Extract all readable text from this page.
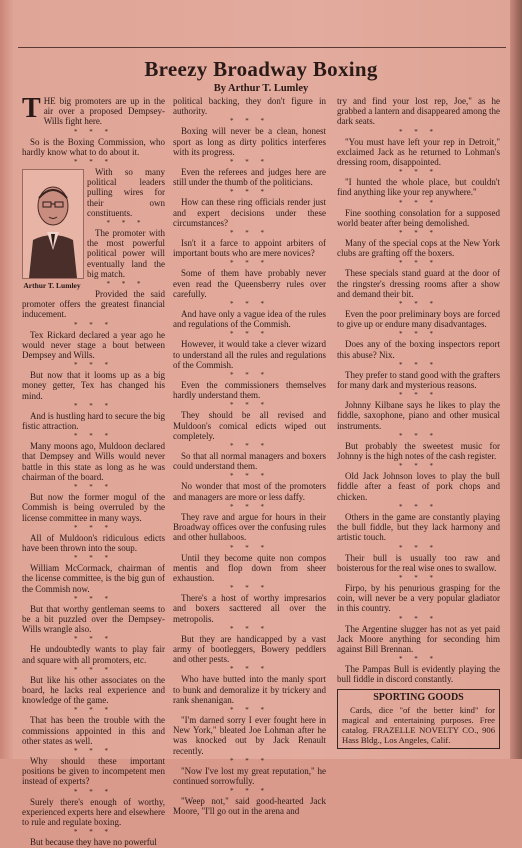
Breezy Broadway Boxing
By Arthur T. Lumley

THE big promoters are up in the air over a proposed Dempsey-Wills fight here.

* * *

So is the Boxing Commission, who hardly know what to do about it.

* * *
Arthur T. Lumley

With so many political leaders pulling wires for their own constituents.

* * *

The promoter with the most powerful political power will eventually land the big match.

* * *

Provided the said promoter offers the greatest financial inducement.

* * *

Tex Rickard declared a year ago he would never stage a bout between Dempsey and Wills.

* * *

But now that it looms up as a big money getter, Tex has changed his mind.

* * *

And is hustling hard to secure the big fistic attraction.

* * *

Many moons ago, Muldoon declared that Dempsey and Wills would never battle in this state as long as he was chairman of the board.

* * *

But now the former mogul of the Commish is being overruled by the license committee in many ways.

* * *

All of Muldoon's ridiculous edicts have been thrown into the soup.

* * *

William McCormack, chairman of the license committee, is the big gun of the Commish now.

* * *

But that worthy gentleman seems to be a bit puzzled over the Dempsey-Wills wrangle also.

* * *

He undoubtedly wants to play fair and square with all promoters, etc.

* * *

But like his other associates on the board, he lacks real experience and knowledge of the game.

* * *

That has been the trouble with the commissions appointed in this and other states as well.

* * *

Why should these important positions be given to incompetent men instead of experts?

* * *

Surely there's enough of worthy, experienced experts here and elsewhere to rule and regulate boxing.

* * *

But because they have no powerful

political backing, they don't figure in authority.

* * *

Boxing will never be a clean, honest sport as long as dirty politics interferes with its progress.

* * *

Even the referees and judges here are still under the thumb of the politicians.

* * *

How can these ring officials render just and expert decisions under these circumstances?

* * *

Isn't it a farce to appoint arbiters of important bouts who are mere novices?

* * *

Some of them have probably never even read the Queensberry rules over carefully.

* * *

And have only a vague idea of the rules and regulations of the Commish.

* * *

However, it would take a clever wizard to understand all the rules and regulations of the Commish.

* * *

Even the commissioners themselves hardly understand them.

* * *

They should be all revised and Muldoon's comical edicts wiped out completely.

* * *

So that all normal managers and boxers could understand them.

* * *

No wonder that most of the promoters and managers are more or less daffy.

* * *

They rave and argue for hours in their Broadway offices over the confusing rules and other hullaboos.

* * *

Until they become quite non compos mentis and flop down from sheer exhaustion.

* * *

There's a host of worthy impresarios and boxers sacttered all over the metropolis.

* * *

But they are handicapped by a vast army of bootleggers, Bowery peddlers and other pests.

* * *

Who have butted into the manly sport to bunk and demoralize it by trickery and rank shenanigan.

* * *

"I'm darned sorry I ever fought here in New York," bleated Joe Lohman after he was knocked out by Jack Renault recently.

* * *

"Now I've lost my great reputation," he continued sorrowfully.

* * *

"Weep not," said good-hearted Jack Moore, "I'll go out in the arena and

try and find your lost rep, Joe," as he grabbed a lantern and disappeared among the dark seats.

* * *

"You must have left your rep in Detroit," exclaimed Jack as he returned to Lohman's dressing room, disappointed.

* * *

"I hunted the whole place, but couldn't find anything like your rep anywhere."

* * *

Fine soothing consolation for a supposed world beater after being demolished.

* * *

Many of the special cops at the New York clubs are grafting off the boxers.

* * *

These specials stand guard at the door of the ringster's dressing rooms after a show and demand their bit.

* * *

Even the poor preliminary boys are forced to give up or endure many disadvantages.

* * *

Does any of the boxing inspectors report this abuse? Nix.

* * *

They prefer to stand good with the grafters for many dark and mysterious reasons.

* * *

Johnny Kilbane says he likes to play the fiddle, saxophone, piano and other musical instruments.

* * *

But probably the sweetest music for Johnny is the high notes of the cash register.

* * *

Old Jack Johnson loves to play the bull fiddle after a feast of pork chops and chicken.

* * *

Others in the game are constantly playing the bull fiddle, but they lack harmony and artistic touch.

* * *

Their bull is usually too raw and boisterous for the real wise ones to swallow.

* * *

Firpo, by his penurious grasping for the coin, will never be a very popular gladiator in this country.

* * *

The Argentine slugger has not as yet paid Jack Moore anything for seconding him against Bill Brennan.

* * *

The Pampas Bull is evidently playing the bull fiddle in discord constantly.

SPORTING GOODS
Cards, dice "of the better kind" for magical and entertaining purposes. Free catalog. FRAZELLE NOVELTY CO., 906 Hass Bldg., Los Angeles, Calif.
